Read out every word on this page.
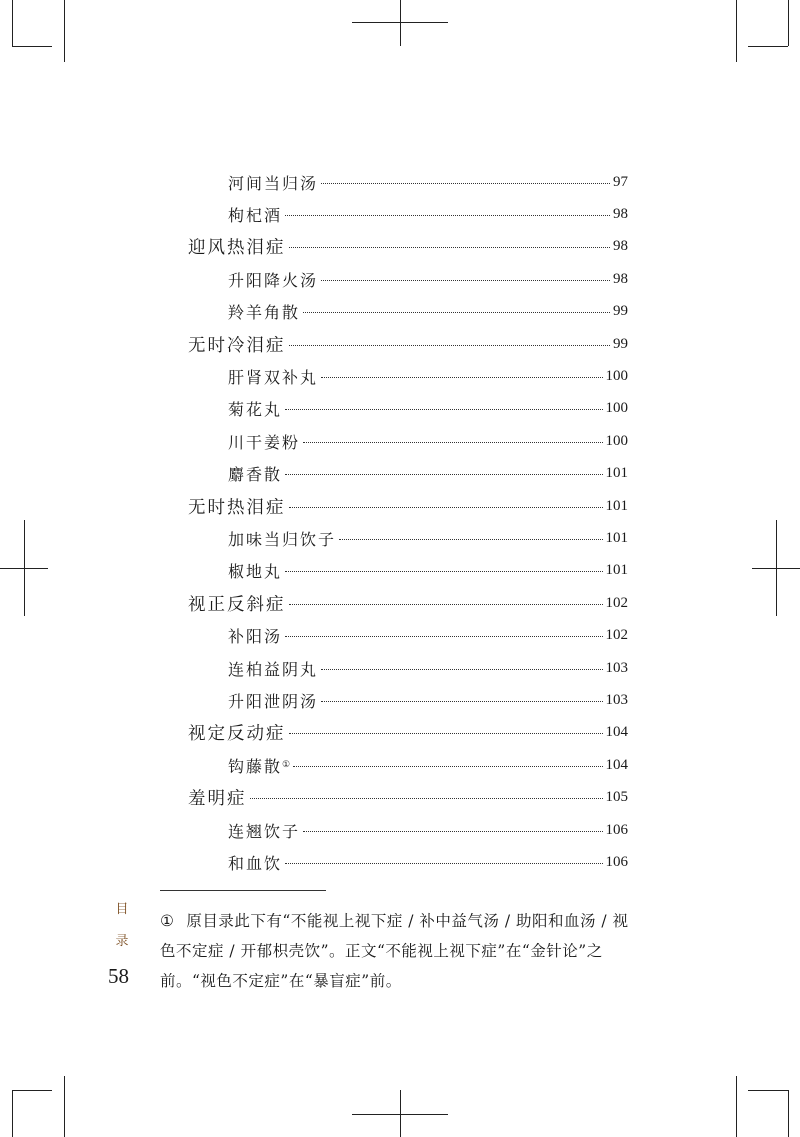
河间当归汤	97
枸杞酒	98
迎风热泪症	98
升阳降火汤	98
羚羊角散	99
无时冷泪症	99
肝肾双补丸	100
菊花丸	100
川干姜粉	100
麝香散	101
无时热泪症	101
加味当归饮子	101
椒地丸	101
视正反斜症	102
补阳汤	102
连柏益阴丸	103
升阳泄阴汤	103
视定反动症	104
钩藤散 ①	104
羞明症	105
连翘饮子	106
和血饮	106
目
录
58
① 原目录此下有“不能视上视下症 / 补中益气汤 / 助阳和血汤 / 视色不定症 / 开郁枳壳饮”。正文“不能视上视下症”在“金针论”之前。“视色不定症”在“暴盲症”前。
